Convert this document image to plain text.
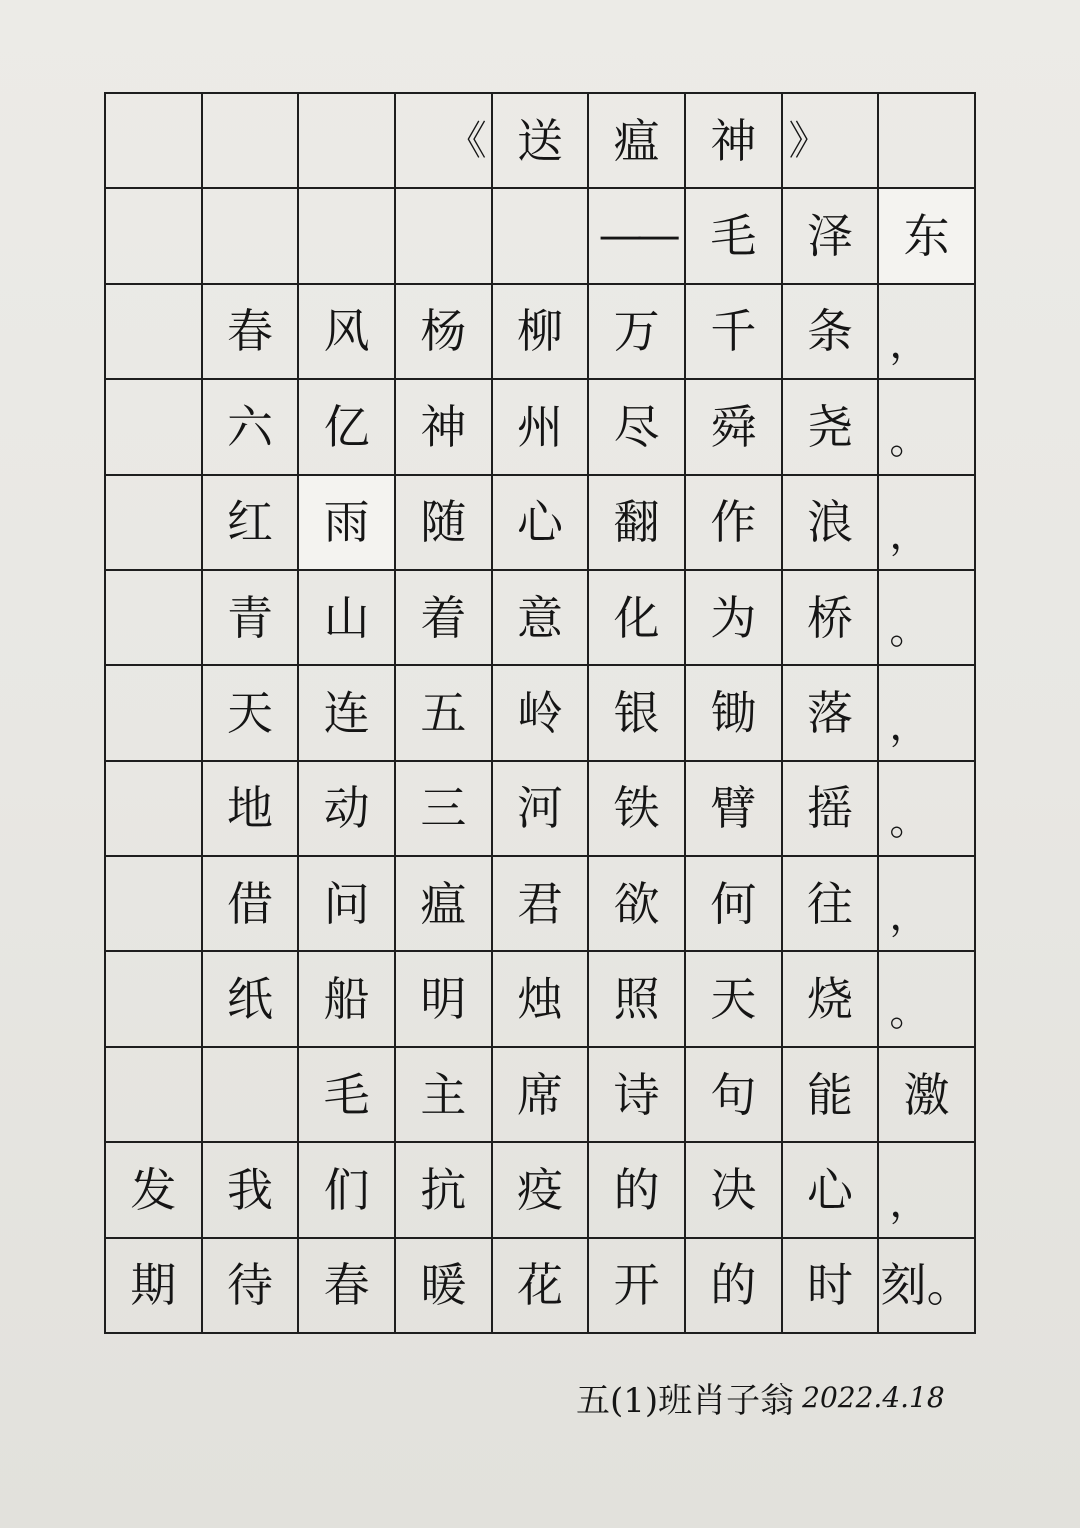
《 送	瘟	神 》
—— 毛	泽	东
春	风	杨	柳	万	千	条 ，
六	亿	神	州	尽	舜	尧 。
红	雨	随	心	翻	作	浪 ，
青	山	着	意	化	为	桥 。
天	连	五	岭	银	锄	落 ，
地	动	三	河	铁	臂	摇 。
借	问	瘟	君	欲	何	往 ，
纸	船	明	烛	照	天	烧 。
毛	主	席	诗	句	能	激
发	我	们	抗	疫	的	决	心 ，
期	待	春	暖	花	开	的	时 刻。
五(1)班肖子翁 2022.4.18
